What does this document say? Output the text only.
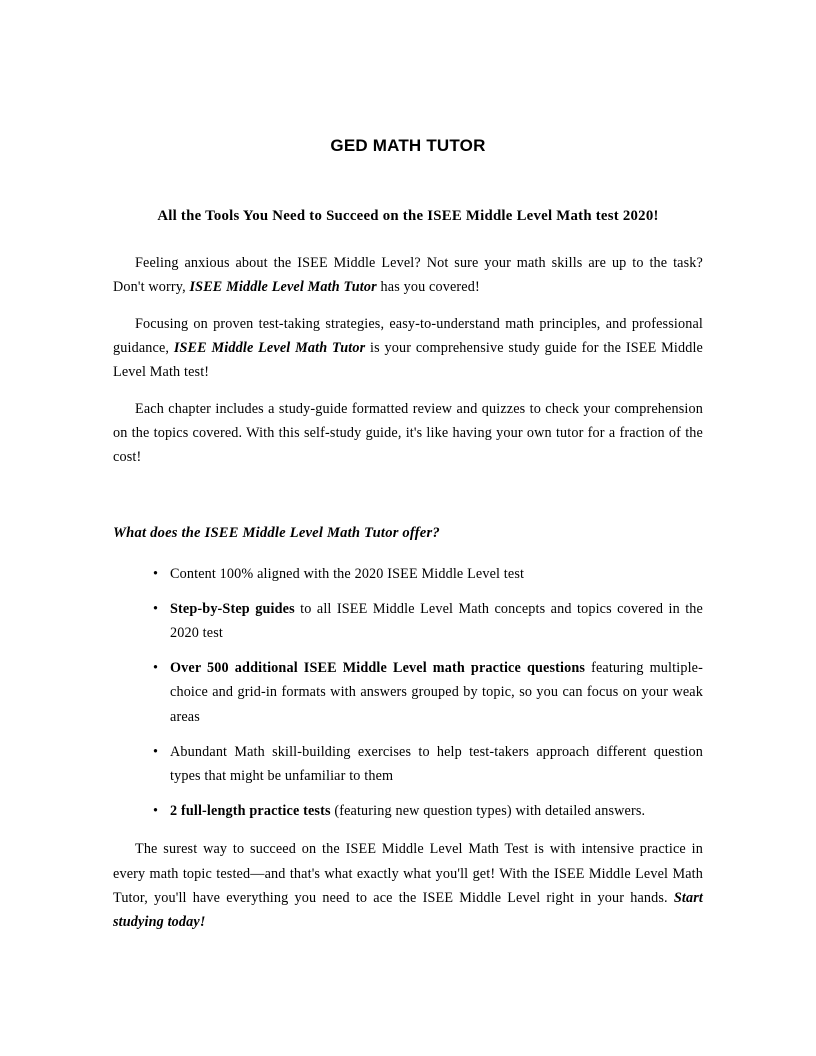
GED MATH TUTOR
All the Tools You Need to Succeed on the ISEE Middle Level Math test 2020!

Feeling anxious about the ISEE Middle Level? Not sure your math skills are up to the task? Don't worry, ISEE Middle Level Math Tutor has you covered!

Focusing on proven test-taking strategies, easy-to-understand math principles, and professional guidance, ISEE Middle Level Math Tutor is your comprehensive study guide for the ISEE Middle Level Math test!

Each chapter includes a study-guide formatted review and quizzes to check your comprehension on the topics covered. With this self-study guide, it's like having your own tutor for a fraction of the cost!

What does the ISEE Middle Level Math Tutor offer?
• Content 100% aligned with the 2020 ISEE Middle Level test
• Step-by-Step guides to all ISEE Middle Level Math concepts and topics covered in the 2020 test
• Over 500 additional ISEE Middle Level math practice questions featuring multiple-choice and grid-in formats with answers grouped by topic, so you can focus on your weak areas
• Abundant Math skill-building exercises to help test-takers approach different question types that might be unfamiliar to them
• 2 full-length practice tests (featuring new question types) with detailed answers.

The surest way to succeed on the ISEE Middle Level Math Test is with intensive practice in every math topic tested—and that's what exactly what you'll get! With the ISEE Middle Level Math Tutor, you'll have everything you need to ace the ISEE Middle Level right in your hands. Start studying today!
